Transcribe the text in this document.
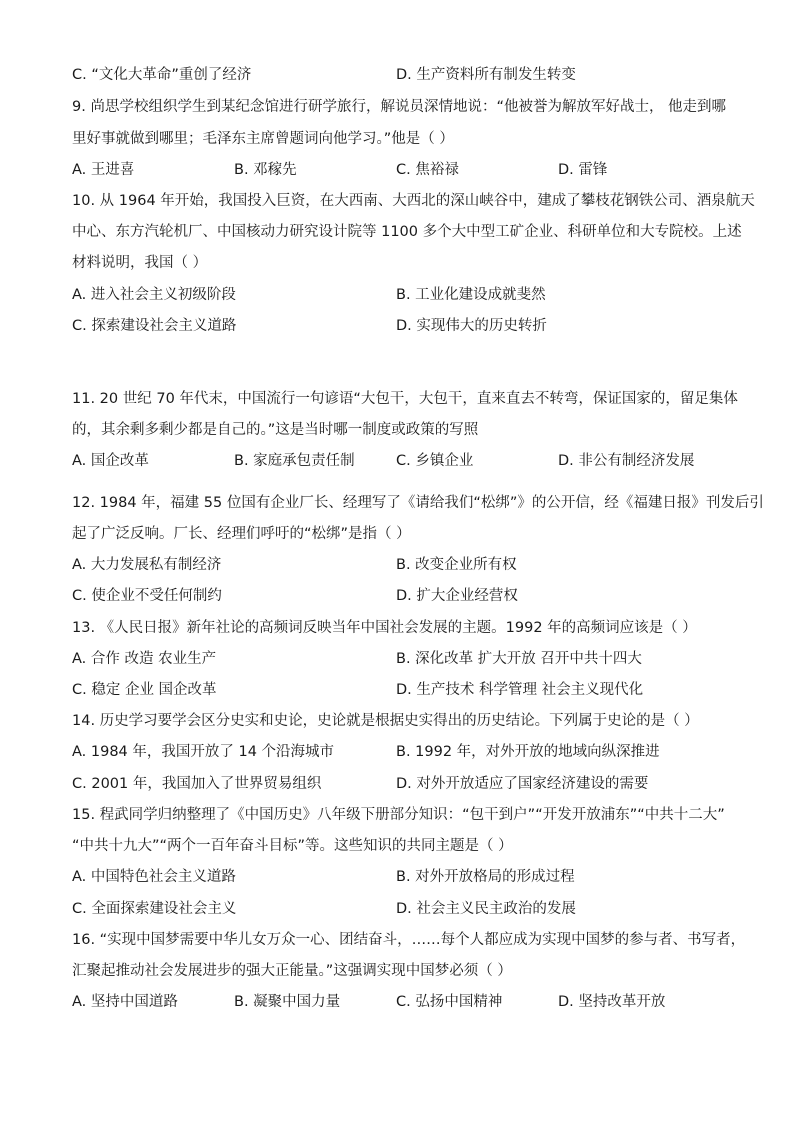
C. “文化大革命”重创了经济	D. 生产资料所有制发生转变
9. 尚思学校组织学生到某纪念馆进行研学旅行，解说员深情地说：“他被誉为解放军好战士， 他走到哪
里好事就做到哪里；毛泽东主席曾题词向他学习。”他是（ ）
A. 王进喜	B. 邓稼先	C. 焦裕禄	D. 雷锋
10. 从 1964 年开始，我国投入巨资，在大西南、大西北的深山峡谷中，建成了攀枝花钢铁公司、酒泉航天
中心、东方汽轮机厂、中国核动力研究设计院等 1100 多个大中型工矿企业、科研单位和大专院校。上述
材料说明，我国（ ）
A. 进入社会主义初级阶段	B. 工业化建设成就斐然
C. 探索建设社会主义道路	D. 实现伟大的历史转折
11. 20 世纪 70 年代末，中国流行一句谚语“大包干，大包干，直来直去不转弯，保证国家的，留足集体
的，其余剩多剩少都是自己的。”这是当时哪一制度或政策的写照
A. 国企改革	B. 家庭承包责任制	C. 乡镇企业	D. 非公有制经济发展
12. 1984 年，福建 55 位国有企业厂长、经理写了《请给我们“松绑”》的公开信，经《福建日报》刊发后引
起了广泛反响。厂长、经理们呼吁的“松绑”是指（ ）
A. 大力发展私有制经济	B. 改变企业所有权
C. 使企业不受任何制约	D. 扩大企业经营权
13. 《人民日报》新年社论的高频词反映当年中国社会发展的主题。1992 年的高频词应该是（ ）
A. 合作 改造 农业生产	B. 深化改革 扩大开放 召开中共十四大
C. 稳定 企业 国企改革	D. 生产技术 科学管理 社会主义现代化
14. 历史学习要学会区分史实和史论，史论就是根据史实得出的历史结论。下列属于史论的是（ ）
A. 1984 年，我国开放了 14 个沿海城市	B. 1992 年，对外开放的地域向纵深推进
C. 2001 年，我国加入了世界贸易组织	D. 对外开放适应了国家经济建设的需要
15. 程武同学归纳整理了《中国历史》八年级下册部分知识：“包干到户”“开发开放浦东”“中共十二大”
“中共十九大”“两个一百年奋斗目标”等。这些知识的共同主题是（ ）
A. 中国特色社会主义道路	B. 对外开放格局的形成过程
C. 全面探索建设社会主义	D. 社会主义民主政治的发展
16. “实现中国梦需要中华儿女万众一心、团结奋斗，……每个人都应成为实现中国梦的参与者、书写者，
汇聚起推动社会发展进步的强大正能量。”这强调实现中国梦必须（ ）
A. 坚持中国道路	B. 凝聚中国力量	C. 弘扬中国精神	D. 坚持改革开放
